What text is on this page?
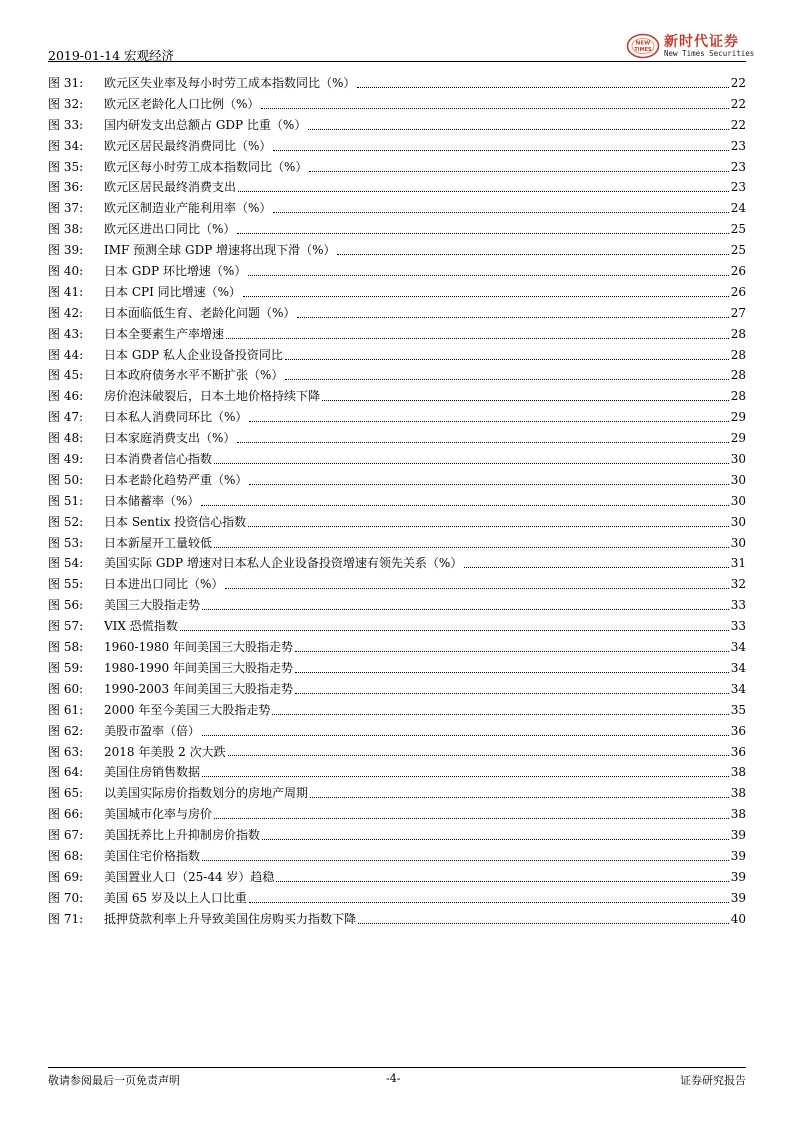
2019-01-14 宏观经济
NEW
TIMES 新时代证券
New Times Securities
图 31:	欧元区失业率及每小时劳工成本指数同比（%）	22
图 32:	欧元区老龄化人口比例（%）	22
图 33:	国内研发支出总额占 GDP 比重（%）	22
图 34:	欧元区居民最终消费同比（%）	23
图 35:	欧元区每小时劳工成本指数同比（%）	23
图 36:	欧元区居民最终消费支出	23
图 37:	欧元区制造业产能利用率（%）	24
图 38:	欧元区进出口同比（%）	25
图 39:	IMF 预测全球 GDP 增速将出现下滑（%）	25
图 40:	日本 GDP 环比增速（%）	26
图 41:	日本 CPI 同比增速（%）	26
图 42:	日本面临低生育、老龄化问题（%）	27
图 43:	日本全要素生产率增速	28
图 44:	日本 GDP 私人企业设备投资同比	28
图 45:	日本政府债务水平不断扩张（%）	28
图 46:	房价泡沫破裂后，日本土地价格持续下降	28
图 47:	日本私人消费同环比（%）	29
图 48:	日本家庭消费支出（%）	29
图 49:	日本消费者信心指数	30
图 50:	日本老龄化趋势严重（%）	30
图 51:	日本储蓄率（%）	30
图 52:	日本 Sentix 投资信心指数	30
图 53:	日本新屋开工量较低	30
图 54:	美国实际 GDP 增速对日本私人企业设备投资增速有领先关系（%）	31
图 55:	日本进出口同比（%）	32
图 56:	美国三大股指走势	33
图 57:	VIX 恐慌指数	33
图 58:	1960-1980 年间美国三大股指走势	34
图 59:	1980-1990 年间美国三大股指走势	34
图 60:	1990-2003 年间美国三大股指走势	34
图 61:	2000 年至今美国三大股指走势	35
图 62:	美股市盈率（倍）	36
图 63:	2018 年美股 2 次大跌	36
图 64:	美国住房销售数据	38
图 65:	以美国实际房价指数划分的房地产周期	38
图 66:	美国城市化率与房价	38
图 67:	美国抚养比上升抑制房价指数	39
图 68:	美国住宅价格指数	39
图 69:	美国置业人口（25-44 岁）趋稳	39
图 70:	美国 65 岁及以上人口比重	39
图 71:	抵押贷款利率上升导致美国住房购买力指数下降	40
敬请参阅最后一页免责声明	-4-	证券研究报告
